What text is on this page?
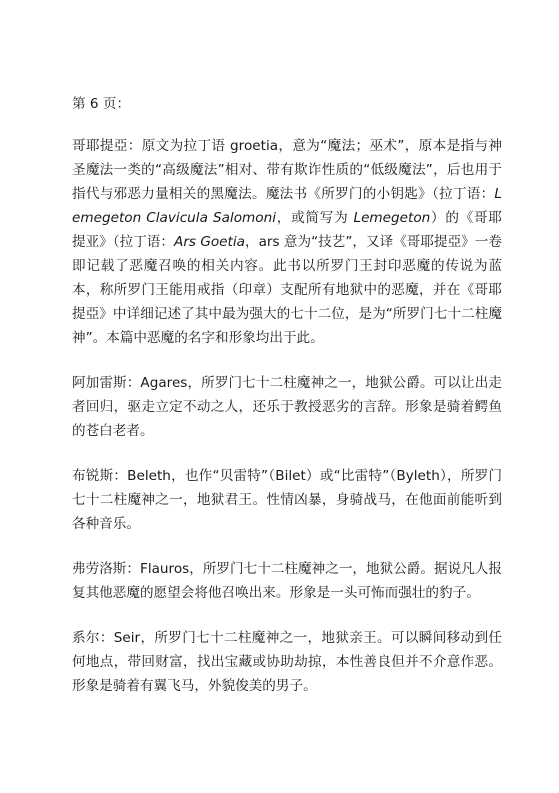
第 6 页：

哥耶提亞：原文为拉丁语 groetia，意为“魔法；巫术”，原本是指与神圣魔法一类的“高级魔法”相对、带有欺诈性质的“低级魔法”，后也用于指代与邪恶力量相关的黑魔法。魔法书《所罗门的小钥匙》（拉丁语：Lemegeton Clavicula Salomoni，或简写为 Lemegeton）的《哥耶提亚》（拉丁语：Ars Goetia，ars 意为“技艺”，又译《哥耶提亞》一卷即记载了恶魔召唤的相关内容。此书以所罗门王封印恶魔的传说为蓝本，称所罗门王能用戒指（印章）支配所有地狱中的恶魔，并在《哥耶提亞》中详细记述了其中最为强大的七十二位，是为“所罗门七十二柱魔神”。本篇中恶魔的名字和形象均出于此。

阿加雷斯：Agares，所罗门七十二柱魔神之一，地狱公爵。可以让出走者回归，驱走立定不动之人，还乐于教授恶劣的言辞。形象是骑着鳄鱼的苍白老者。

布锐斯：Beleth，也作“贝雷特”（Bilet）或“比雷特”（Byleth），所罗门七十二柱魔神之一，地狱君王。性情凶暴，身骑战马，在他面前能听到各种音乐。

弗劳洛斯：Flauros，所罗门七十二柱魔神之一，地狱公爵。据说凡人报复其他恶魔的愿望会将他召唤出来。形象是一头可怖而强壮的豹子。

系尔：Seir，所罗门七十二柱魔神之一，地狱亲王。可以瞬间移动到任何地点，带回财富，找出宝藏或协助劫掠，本性善良但并不介意作恶。形象是骑着有翼飞马，外貌俊美的男子。
